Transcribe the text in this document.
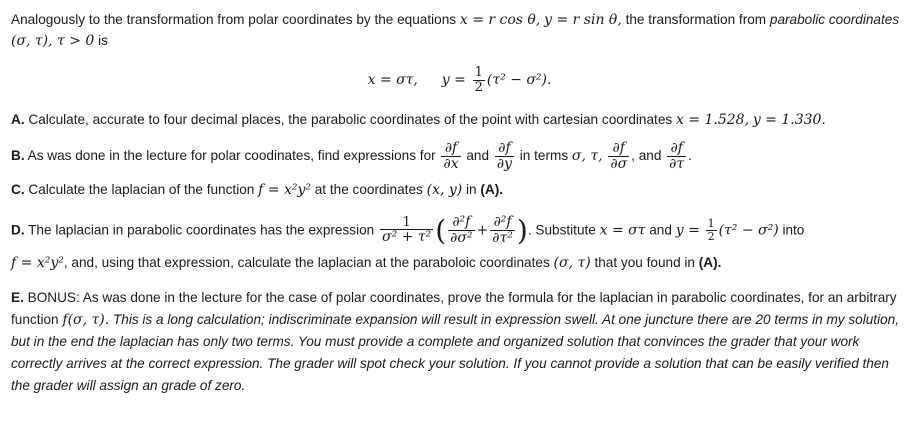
Analogously to the transformation from polar coordinates by the equations x = r cos θ, y = r sin θ, the transformation from parabolic coordinates (σ, τ), τ > 0 is

x = στ, $y = \frac{1}{2} (\tau^2 - \sigma^2)$.

A. Calculate, accurate to four decimal places, the parabolic coordinates of the point with cartesian coordinates x = 1.528, y = 1.330.

B. As was done in the lecture for polar coodinates, find expressions for $\frac{\partial f}{\partial x}$ and $\frac{\partial f}{\partial y}$ in terms σ, τ, $\frac{\partial f}{\partial\sigma}$ , and $\frac{\partial f}{\partial\tau}$ .

C. Calculate the laplacian of the function f = x²y² at the coordinates (x, y) in (A).

D. The laplacian in parabolic coordinates has the expression $\frac{1}{\text{σ² + τ²}}$ ( $\frac{\text{∂²f}}{\text{∂σ²}} + \frac{\text{∂²f}}{\text{∂τ²}}$ ). Substitute x = στ and $y = \frac{1}{2} (\tau^2 - \sigma^2)$ into
f = x²y², and, using that expression, calculate the laplacian at the paraboloic coordinates (σ, τ) that you found in (A).

E. BONUS: As was done in the lecture for the case of polar coordinates, prove the formula for the laplacian in parabolic coordinates, for an arbitrary function f(σ, τ). This is a long calculation; indiscriminate expansion will result in expression swell. At one juncture there are 20 terms in my solution, but in the end the laplacian has only two terms. You must provide a complete and organized solution that convinces the grader that your work correctly arrives at the correct expression. The grader will spot check your solution. If you cannot provide a solution that can be easily verified then the grader will assign an grade of zero.
